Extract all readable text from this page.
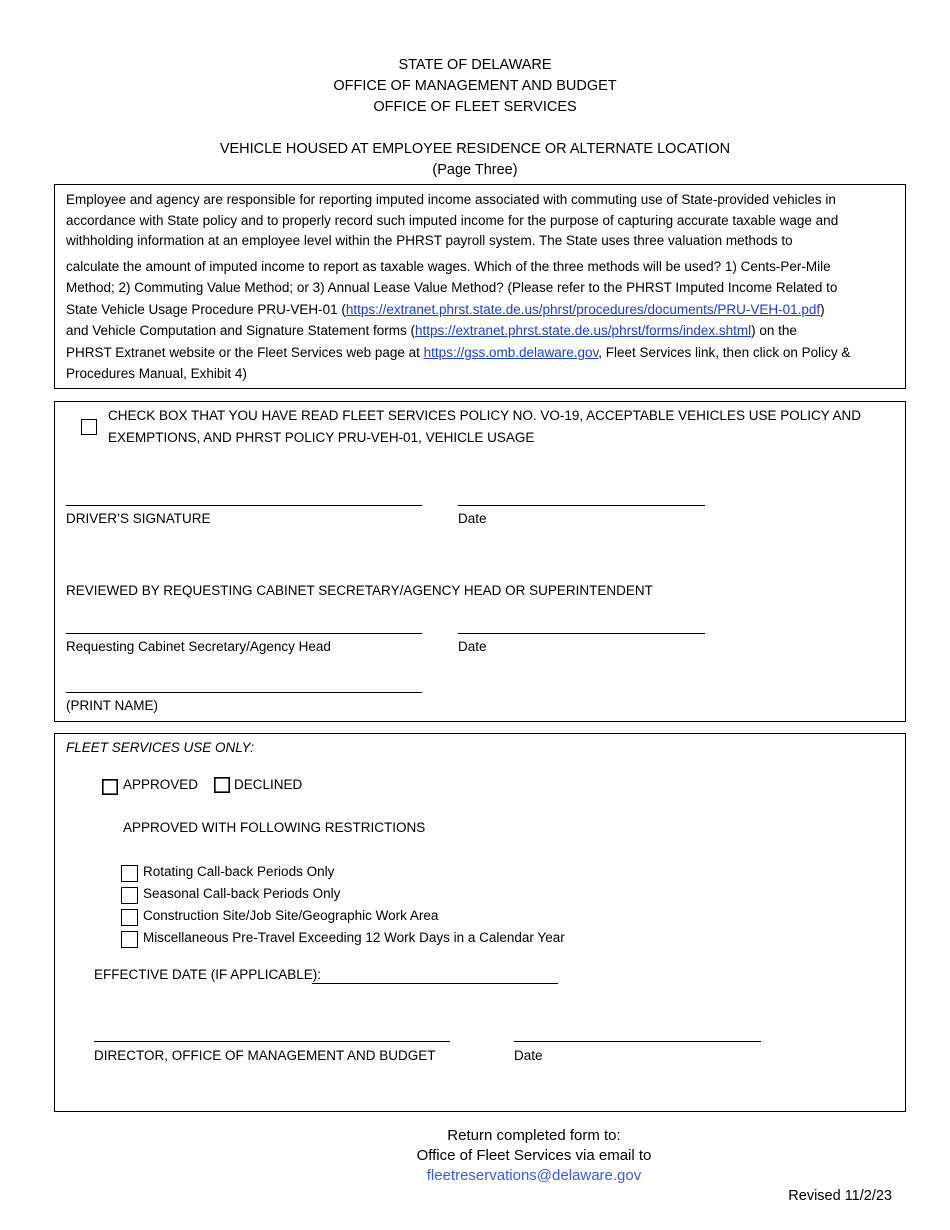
STATE OF DELAWARE
OFFICE OF MANAGEMENT AND BUDGET
OFFICE OF FLEET SERVICES
VEHICLE HOUSED AT EMPLOYEE RESIDENCE OR ALTERNATE LOCATION
(Page Three)
Employee and agency are responsible for reporting imputed income associated with commuting use of State-provided vehicles in
accordance with State policy and to properly record such imputed income for the purpose of capturing accurate taxable wage and
withholding information at an employee level within the PHRST payroll system. The State uses three valuation methods to
calculate the amount of imputed income to report as taxable wages. Which of the three methods will be used? 1) Cents-Per-Mile
Method; 2) Commuting Value Method; or 3) Annual Lease Value Method? (Please refer to the PHRST Imputed Income Related to
State Vehicle Usage Procedure PRU-VEH-01 (https://extranet.phrst.state.de.us/phrst/procedures/documents/PRU-VEH-01.pdf)
and Vehicle Computation and Signature Statement forms (https://extranet.phrst.state.de.us/phrst/forms/index.shtml) on the
PHRST Extranet website or the Fleet Services web page at https://gss.omb.delaware.gov, Fleet Services link, then click on Policy &
Procedures Manual, Exhibit 4)
CHECK BOX THAT YOU HAVE READ FLEET SERVICES POLICY NO. VO-19, ACCEPTABLE VEHICLES USE POLICY AND
EXEMPTIONS, AND PHRST POLICY PRU-VEH-01, VEHICLE USAGE
DRIVER’S SIGNATURE	Date
REVIEWED BY REQUESTING CABINET SECRETARY/AGENCY HEAD OR SUPERINTENDENT
Requesting Cabinet Secretary/Agency Head	Date
(PRINT NAME)
FLEET SERVICES USE ONLY:
APPROVED	DECLINED
APPROVED WITH FOLLOWING RESTRICTIONS
Rotating Call-back Periods Only
Seasonal Call-back Periods Only
Construction Site/Job Site/Geographic Work Area
Miscellaneous Pre-Travel Exceeding 12 Work Days in a Calendar Year
EFFECTIVE DATE (IF APPLICABLE):
DIRECTOR, OFFICE OF MANAGEMENT AND BUDGET	Date
Return completed form to:
Office of Fleet Services via email to
fleetreservations@delaware.gov
Revised 11/2/23
